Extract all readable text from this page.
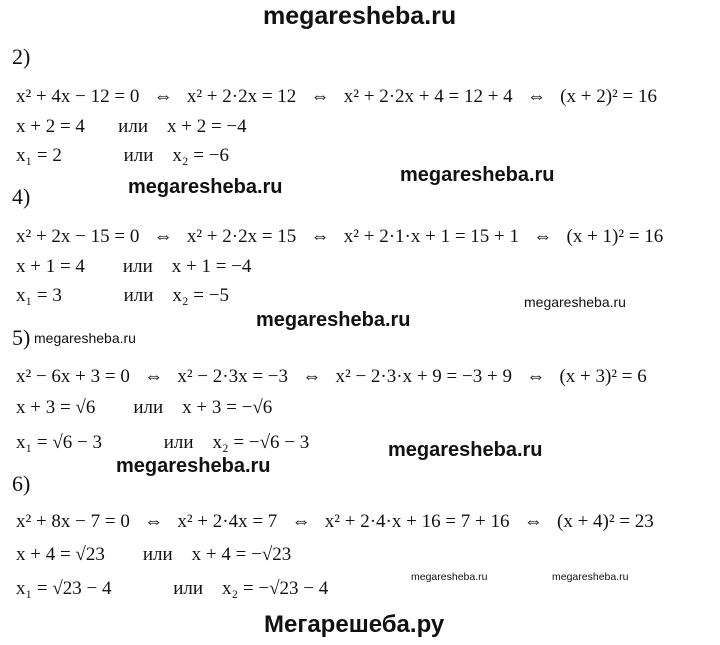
megaresheba.ru
2)
x² + 4x − 12 = 0   ⇔   x² + 2·2x = 12   ⇔   x² + 2·2x + 4 = 12 + 4   ⇔   (x + 2)² = 16
x + 2 = 4       или    x + 2 = −4
x₁ = 2             или    x₂ = −6
megaresheba.ru
megaresheba.ru
4)
x² + 2x − 15 = 0   ⇔   x² + 2·2x = 15   ⇔   x² + 2·1·x + 1 = 15 + 1   ⇔   (x + 1)² = 16
x + 1 = 4        или    x + 1 = −4
x₁ = 3             или    x₂ = −5	megaresheba.ru
megaresheba.ru
5) megaresheba.ru
x² − 6x + 3 = 0   ⇔   x² − 2·3x = −3   ⇔   x² − 2·3·x + 9 = −3 + 9   ⇔   (x + 3)² = 6
x + 3 = √6        или    x + 3 = −√6
x₁ = √6 − 3             или    x₂ = −√6 − 3	megaresheba.ru
megaresheba.ru
6)
x² + 8x − 7 = 0   ⇔   x² + 2·4x = 7   ⇔   x² + 2·4·x + 16 = 7 + 16   ⇔   (x + 4)² = 23
x + 4 = √23        или    x + 4 = −√23
x₁ = √23 − 4             или    x₂ = −√23 − 4
megaresheba.ru	megaresheba.ru
Мегарешеба.ру
